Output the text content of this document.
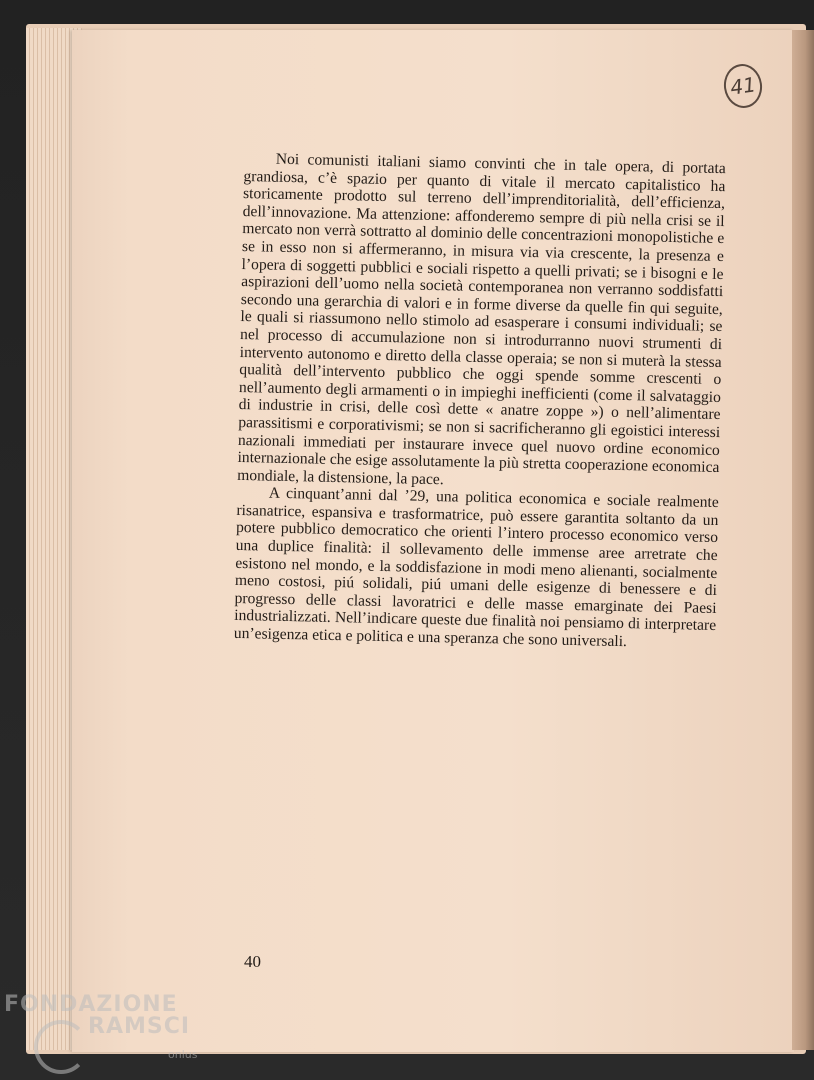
41

Noi comunisti italiani siamo convinti che in tale opera, di portata grandiosa, c’è spazio per quanto di vitale il mercato capitalistico ha storicamente prodotto sul terreno dell’imprenditorialità, dell’efficienza, dell’innovazione. Ma attenzione: affonderemo sempre di più nella crisi se il mercato non verrà sottratto al dominio delle concentrazioni monopolistiche e se in esso non si affermeranno, in misura via via crescente, la presenza e l’opera di soggetti pubblici e sociali rispetto a quelli privati; se i bisogni e le aspirazioni dell’uomo nella società contemporanea non verranno soddisfatti secondo una gerarchia di valori e in forme diverse da quelle fin qui seguite, le quali si riassumono nello stimolo ad esasperare i consumi individuali; se nel processo di accumulazione non si introdurranno nuovi strumenti di intervento autonomo e diretto della classe operaia; se non si muterà la stessa qualità dell’intervento pubblico che oggi spende somme crescenti o nell’aumento degli armamenti o in impieghi inefficienti (come il salvataggio di industrie in crisi, delle così dette « anatre zoppe ») o nell’alimentare parassitismi e corporativismi; se non si sacrificheranno gli egoistici interessi nazionali immediati per instaurare invece quel nuovo ordine economico internazionale che esige assolutamente la più stretta cooperazione economica mondiale, la distensione, la pace.

A cinquant’anni dal ’29, una politica economica e sociale realmente risanatrice, espansiva e trasformatrice, può essere garantita soltanto da un potere pubblico democratico che orienti l’intero processo economico verso una duplice finalità: il sollevamento delle immense aree arretrate che esistono nel mondo, e la soddisfazione in modi meno alienanti, socialmente meno costosi, piú solidali, piú umani delle esigenze di benessere e di progresso delle classi lavoratrici e delle masse emarginate dei Paesi industrializzati. Nell’indicare queste due finalità noi pensiamo di interpretare un’esigenza etica e politica e una speranza che sono universali.

40
FONDAZIONE
RAMSCI
onlus
